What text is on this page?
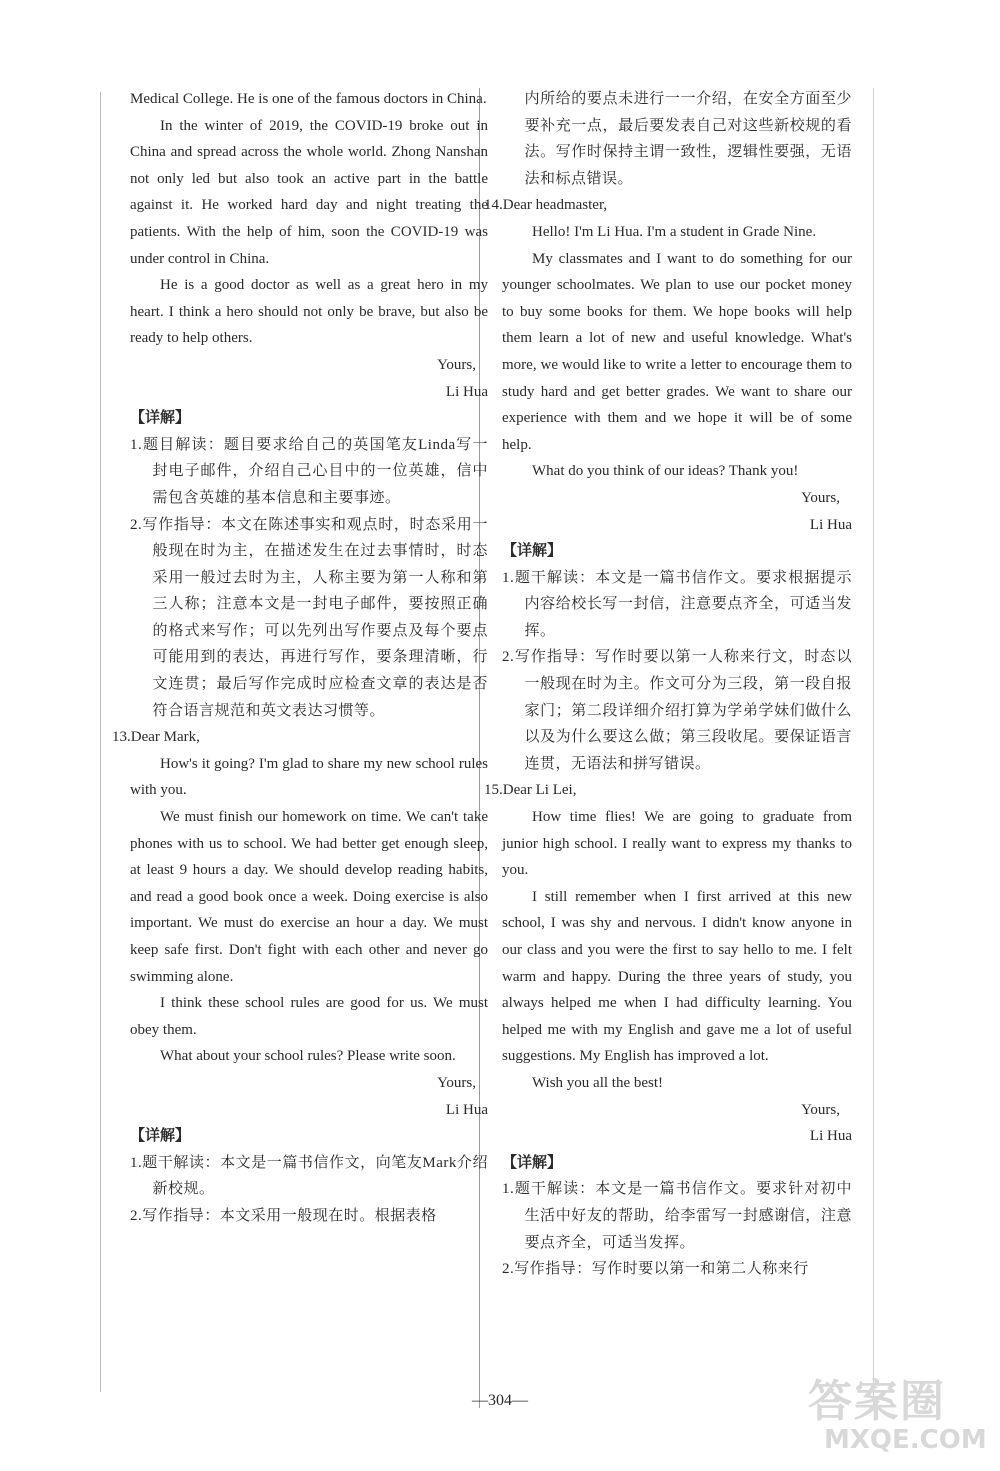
Medical College. He is one of the famous doctors in China.

In the winter of 2019, the COVID-19 broke out in China and spread across the whole world. Zhong Nanshan not only led but also took an active part in the battle against it. He worked hard day and night treating the patients. With the help of him, soon the COVID-19 was under control in China.

He is a good doctor as well as a great hero in my heart. I think a hero should not only be brave, but also be ready to help others.

Yours,

Li Hua

【详解】

1.题目解读：题目要求给自己的英国笔友Linda写一封电子邮件，介绍自己心目中的一位英雄，信中需包含英雄的基本信息和主要事迹。

2.写作指导：本文在陈述事实和观点时，时态采用一般现在时为主，在描述发生在过去事情时，时态采用一般过去时为主，人称主要为第一人称和第三人称；注意本文是一封电子邮件，要按照正确的格式来写作；可以先列出写作要点及每个要点可能用到的表达，再进行写作，要条理清晰，行文连贯；最后写作完成时应检查文章的表达是否符合语言规范和英文表达习惯等。

13.Dear Mark,

How's it going? I'm glad to share my new school rules with you.

We must finish our homework on time. We can't take phones with us to school. We had better get enough sleep, at least 9 hours a day. We should develop reading habits, and read a good book once a week. Doing exercise is also important. We must do exercise an hour a day. We must keep safe first. Don't fight with each other and never go swimming alone.

I think these school rules are good for us. We must obey them.

What about your school rules? Please write soon.

Yours,

Li Hua

【详解】

1.题干解读：本文是一篇书信作文，向笔友Mark介绍新校规。

2.写作指导：本文采用一般现在时。根据表格

内所给的要点未进行一一介绍，在安全方面至少要补充一点，最后要发表自己对这些新校规的看法。写作时保持主谓一致性，逻辑性要强，无语法和标点错误。

14.Dear headmaster,

Hello! I'm Li Hua. I'm a student in Grade Nine.

My classmates and I want to do something for our younger schoolmates. We plan to use our pocket money to buy some books for them. We hope books will help them learn a lot of new and useful knowledge. What's more, we would like to write a letter to encourage them to study hard and get better grades. We want to share our experience with them and we hope it will be of some help.

What do you think of our ideas? Thank you!

Yours,

Li Hua

【详解】

1.题干解读：本文是一篇书信作文。要求根据提示内容给校长写一封信，注意要点齐全，可适当发挥。

2.写作指导：写作时要以第一人称来行文，时态以一般现在时为主。作文可分为三段，第一段自报家门；第二段详细介绍打算为学弟学妹们做什么以及为什么要这么做；第三段收尾。要保证语言连贯，无语法和拼写错误。

15.Dear Li Lei,

How time flies! We are going to graduate from junior high school. I really want to express my thanks to you.

I still remember when I first arrived at this new school, I was shy and nervous. I didn't know anyone in our class and you were the first to say hello to me. I felt warm and happy. During the three years of study, you always helped me when I had difficulty learning. You helped me with my English and gave me a lot of useful suggestions. My English has improved a lot.

Wish you all the best!

Yours,

Li Hua

【详解】

1.题干解读：本文是一篇书信作文。要求针对初中生活中好友的帮助，给李雷写一封感谢信，注意要点齐全，可适当发挥。

2.写作指导：写作时要以第一和第二人称来行

—304—	答案圈
MXQE.COM
